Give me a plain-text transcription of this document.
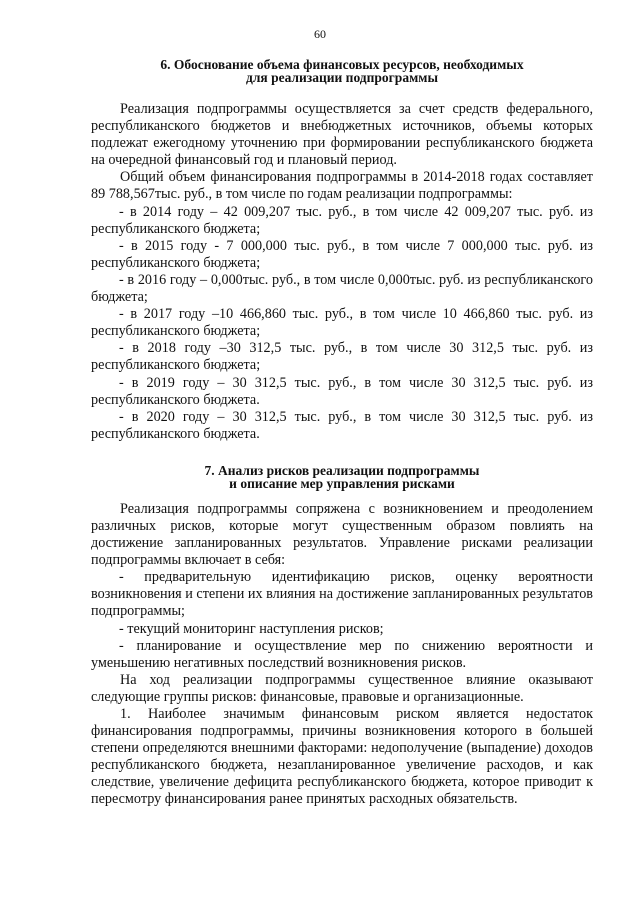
60
6. Обоснование объема финансовых ресурсов, необходимых
для реализации подпрограммы

Реализация подпрограммы осуществляется за счет средств федерального, республиканского бюджетов и внебюджетных источников, объемы которых подлежат ежегодному уточнению при формировании республиканского бюджета на очередной финансовый год и плановый период.

Общий объем финансирования подпрограммы в 2014-2018 годах составляет 89 788,567тыс. руб., в том числе по годам реализации подпрограммы:

- в 2014 году – 42 009,207 тыс. руб., в том числе 42 009,207 тыс. руб. из республиканского бюджета;

- в 2015 году - 7 000,000 тыс. руб., в том числе 7 000,000 тыс. руб. из республиканского бюджета;

- в 2016 году – 0,000тыс. руб., в том числе 0,000тыс. руб. из республиканского бюджета;

- в 2017 году –10 466,860 тыс. руб., в том числе 10 466,860 тыс. руб. из республиканского бюджета;

- в 2018 году –30 312,5 тыс. руб., в том числе 30 312,5 тыс. руб. из республиканского бюджета;

- в 2019 году – 30 312,5 тыс. руб., в том числе 30 312,5 тыс. руб. из республиканского бюджета.

- в 2020 году – 30 312,5 тыс. руб., в том числе 30 312,5 тыс. руб. из республиканского бюджета.

7. Анализ рисков реализации подпрограммы
и описание мер управления рисками

Реализация подпрограммы сопряжена с возникновением и преодолением различных рисков, которые могут существенным образом повлиять на достижение запланированных результатов. Управление рисками реализации подпрограммы включает в себя:

- предварительную идентификацию рисков, оценку вероятности возникновения и степени их влияния на достижение запланированных результатов подпрограммы;

- текущий мониторинг наступления рисков;

- планирование и осуществление мер по снижению вероятности и уменьшению негативных последствий возникновения рисков.

На ход реализации подпрограммы существенное влияние оказывают следующие группы рисков: финансовые, правовые и организационные.

1. Наиболее значимым финансовым риском является недостаток финансирования подпрограммы, причины возникновения которого в большей степени определяются внешними факторами: недополучение (выпадение) доходов республиканского бюджета, незапланированное увеличение расходов, и как следствие, увеличение дефицита республиканского бюджета, которое приводит к пересмотру финансирования ранее принятых расходных обязательств.
